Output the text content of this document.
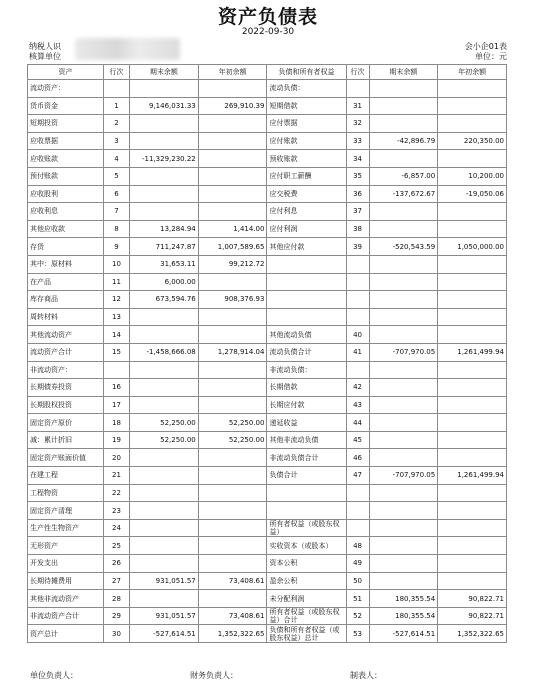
资产负债表
2022-09-30
纳税人识
核算单位
会小企01表
单位：元
资产	行次	期末余额	年初余额	负债和所有者权益	行次	期末余额	年初余额
流动资产：				流动负债：			
货币资金	1	9,146,031.33	269,910.39	短期借款	31		
短期投资	2			应付票据	32		
应收票据	3			应付账款	33	-42,896.79	220,350.00
应收账款	4	-11,329,230.22		预收账款	34		
预付账款	5			应付职工薪酬	35	-6,857.00	10,200.00
应收股利	6			应交税费	36	-137,672.67	-19,050.06
应收利息	7			应付利息	37		
其他应收款	8	13,284.94	1,414.00	应付利润	38		
存货	9	711,247.87	1,007,589.65	其他应付款	39	-520,543.59	1,050,000.00
其中：原材料	10	31,653.11	99,212.72				
在产品	11	6,000.00					
库存商品	12	673,594.76	908,376.93				
周转材料	13						
其他流动资产	14			其他流动负债	40		
流动资产合计	15	-1,458,666.08	1,278,914.04	流动负债合计	41	-707,970.05	1,261,499.94
非流动资产：				非流动负债：			
长期债券投资	16			长期借款	42		
长期股权投资	17			长期应付款	43		
固定资产原价	18	52,250.00	52,250.00	递延收益	44		
减：累计折旧	19	52,250.00	52,250.00	其他非流动负债	45		
固定资产账面价值	20			非流动负债合计	46		
在建工程	21			负债合计	47	-707,970.05	1,261,499.94
工程物资	22						
固定资产清理	23						
生产性生物资产	24			所有者权益（或股东权益）			
无形资产	25			实收资本（或股本）	48		
开发支出	26			资本公积	49		
长期待摊费用	27	931,051.57	73,408.61	盈余公积	50		
其他非流动资产	28			未分配利润	51	180,355.54	90,822.71
非流动资产合计	29	931,051.57	73,408.61	所有者权益（或股东权益）合计	52	180,355.54	90,822.71
资产总计	30	-527,614.51	1,352,322.65	负债和所有者权益（或股东权益）总计	53	-527,614.51	1,352,322.65
单位负责人：	财务负责人：	制表人：
